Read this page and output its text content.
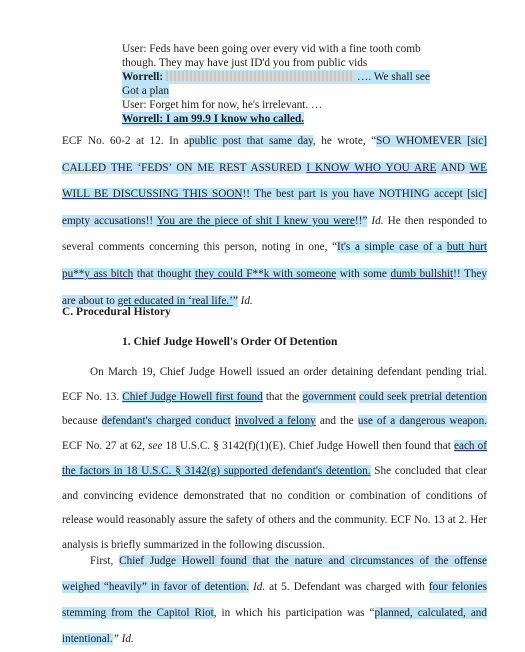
User: Feds have been going over every vid with a fine tooth comb
though. They may have just ID'd you from public vids
Worrell:	…. We shall see
Got a plan
User: Forget him for now, he's irrelevant. …
Worrell: I am 99.9 I know who called.

ECF No. 60-2 at 12. In apublic post that same day, he wrote, “SO WHOMEVER [sic] CALLED THE ‘FEDS’ ON ME REST ASSURED I KNOW WHO YOU ARE AND WE WILL BE DISCUSSING THIS SOON!! The best part is you have NOTHING accept [sic] empty accusations!! You are the piece of shit I knew you were!!” Id. He then responded to several comments concerning this person, noting in one, “It's a simple case of a butt hurt pu**y ass bitch that thought they could F**k with someone with some dumb bullshit!! They are about to get educated in ‘real life.’” Id.

C. Procedural History
1. Chief Judge Howell's Order Of Detention

On March 19, Chief Judge Howell issued an order detaining defendant pending trial. ECF No. 13. Chief Judge Howell first found that the government could seek pretrial detention because defendant's charged conduct involved a felony and the use of a dangerous weapon. ECF No. 27 at 62, see 18 U.S.C. § 3142(f)(1)(E). Chief Judge Howell then found that each of the factors in 18 U.S.C. § 3142(g) supported defendant's detention. She concluded that clear and convincing evidence demonstrated that no condition or combination of conditions of release would reasonably assure the safety of others and the community. ECF No. 13 at 2. Her analysis is briefly summarized in the following discussion.

First, Chief Judge Howell found that the nature and circumstances of the offense weighed “heavily” in favor of detention. Id. at 5. Defendant was charged with four felonies stemming from the Capitol Riot, in which his participation was “planned, calculated, and intentional.” Id.
